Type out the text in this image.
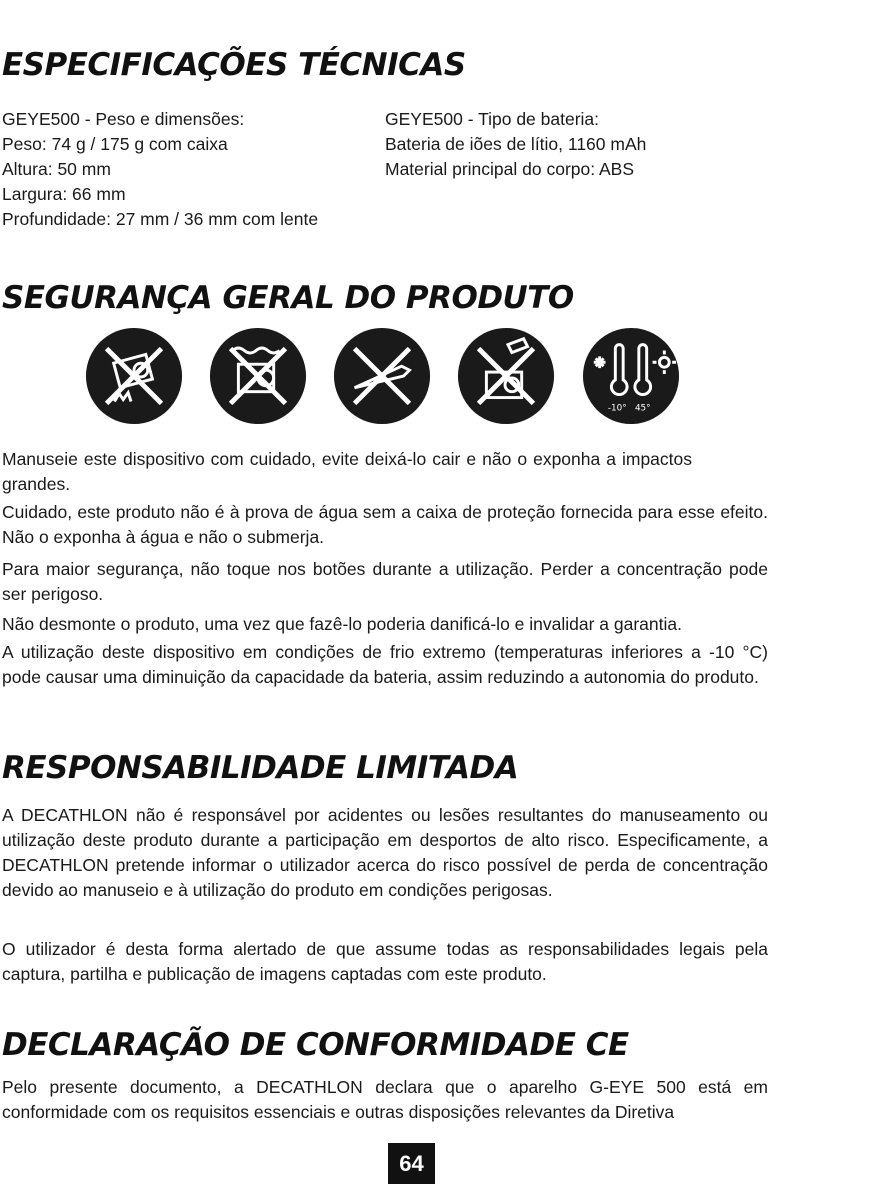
ESPECIFICAÇÕES TÉCNICAS
GEYE500 - Peso e dimensões:
Peso: 74 g / 175 g com caixa
Altura: 50 mm
Largura: 66 mm
Profundidade: 27 mm / 36 mm com lente
GEYE500 - Tipo de bateria:
Bateria de iões de lítio, 1160 mAh
Material principal do corpo: ABS
SEGURANÇA GERAL DO PRODUTO
-10° 45°

Manuseie este dispositivo com cuidado, evite deixá-lo cair e não o exponha a impactos grandes.

Cuidado, este produto não é à prova de água sem a caixa de proteção fornecida para esse efeito. Não o exponha à água e não o submerja.

Para maior segurança, não toque nos botões durante a utilização. Perder a concentração pode ser perigoso.

Não desmonte o produto, uma vez que fazê-lo poderia danificá-lo e invalidar a garantia.

A utilização deste dispositivo em condições de frio extremo (temperaturas inferiores a -10 °C) pode causar uma diminuição da capacidade da bateria, assim reduzindo a autonomia do produto.

RESPONSABILIDADE LIMITADA

A DECATHLON não é responsável por acidentes ou lesões resultantes do manuseamento ou utilização deste produto durante a participação em desportos de alto risco. Especificamente, a DECATHLON pretende informar o utilizador acerca do risco possível de perda de concentração devido ao manuseio e à utilização do produto em condições perigosas.

O utilizador é desta forma alertado de que assume todas as responsabilidades legais pela captura, partilha e publicação de imagens captadas com este produto.

DECLARAÇÃO DE CONFORMIDADE CE

Pelo presente documento, a DECATHLON declara que o aparelho G-EYE 500 está em conformidade com os requisitos essenciais e outras disposições relevantes da Diretiva

64
